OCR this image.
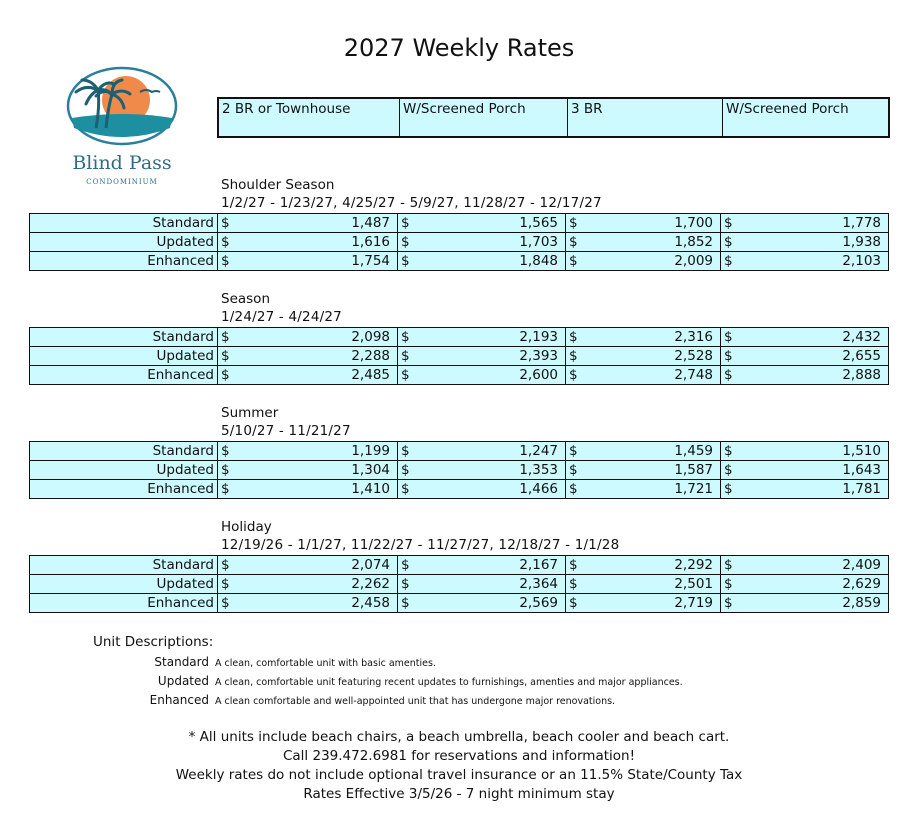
2027 Weekly Rates
Blind Pass
CONDOMINIUM
2 BR or Townhouse	W/Screened Porch	3 BR	W/Screened Porch
Shoulder Season
1/2/27 - 1/23/27, 4/25/27 - 5/9/27, 11/28/27 - 12/17/27
Standard	$ 1,487	$ 1,565	$ 1,700	$ 1,778

Updated	$ 1,616	$ 1,703	$ 1,852	$ 1,938

Enhanced	$ 1,754	$ 1,848	$ 2,009	$ 2,103
Season
1/24/27 - 4/24/27
Standard	$ 2,098	$ 2,193	$ 2,316	$ 2,432

Updated	$ 2,288	$ 2,393	$ 2,528	$ 2,655

Enhanced	$ 2,485	$ 2,600	$ 2,748	$ 2,888
Summer
5/10/27 - 11/21/27
Standard	$ 1,199	$ 1,247	$ 1,459	$ 1,510

Updated	$ 1,304	$ 1,353	$ 1,587	$ 1,643

Enhanced	$ 1,410	$ 1,466	$ 1,721	$ 1,781
Holiday
12/19/26 - 1/1/27, 11/22/27 - 11/27/27, 12/18/27 - 1/1/28
Standard	$ 2,074	$ 2,167	$ 2,292	$ 2,409

Updated	$ 2,262	$ 2,364	$ 2,501	$ 2,629

Enhanced	$ 2,458	$ 2,569	$ 2,719	$ 2,859
Unit Descriptions:
Standard A clean, comfortable unit with basic amenties.
Updated A clean, comfortable unit featuring recent updates to furnishings, amenties and major appliances.
Enhanced A clean comfortable and well-appointed unit that has undergone major renovations.
* All units include beach chairs, a beach umbrella, beach cooler and beach cart.
Call 239.472.6981 for reservations and information!
Weekly rates do not include optional travel insurance or an 11.5% State/County Tax
Rates Effective 3/5/26 - 7 night minimum stay
